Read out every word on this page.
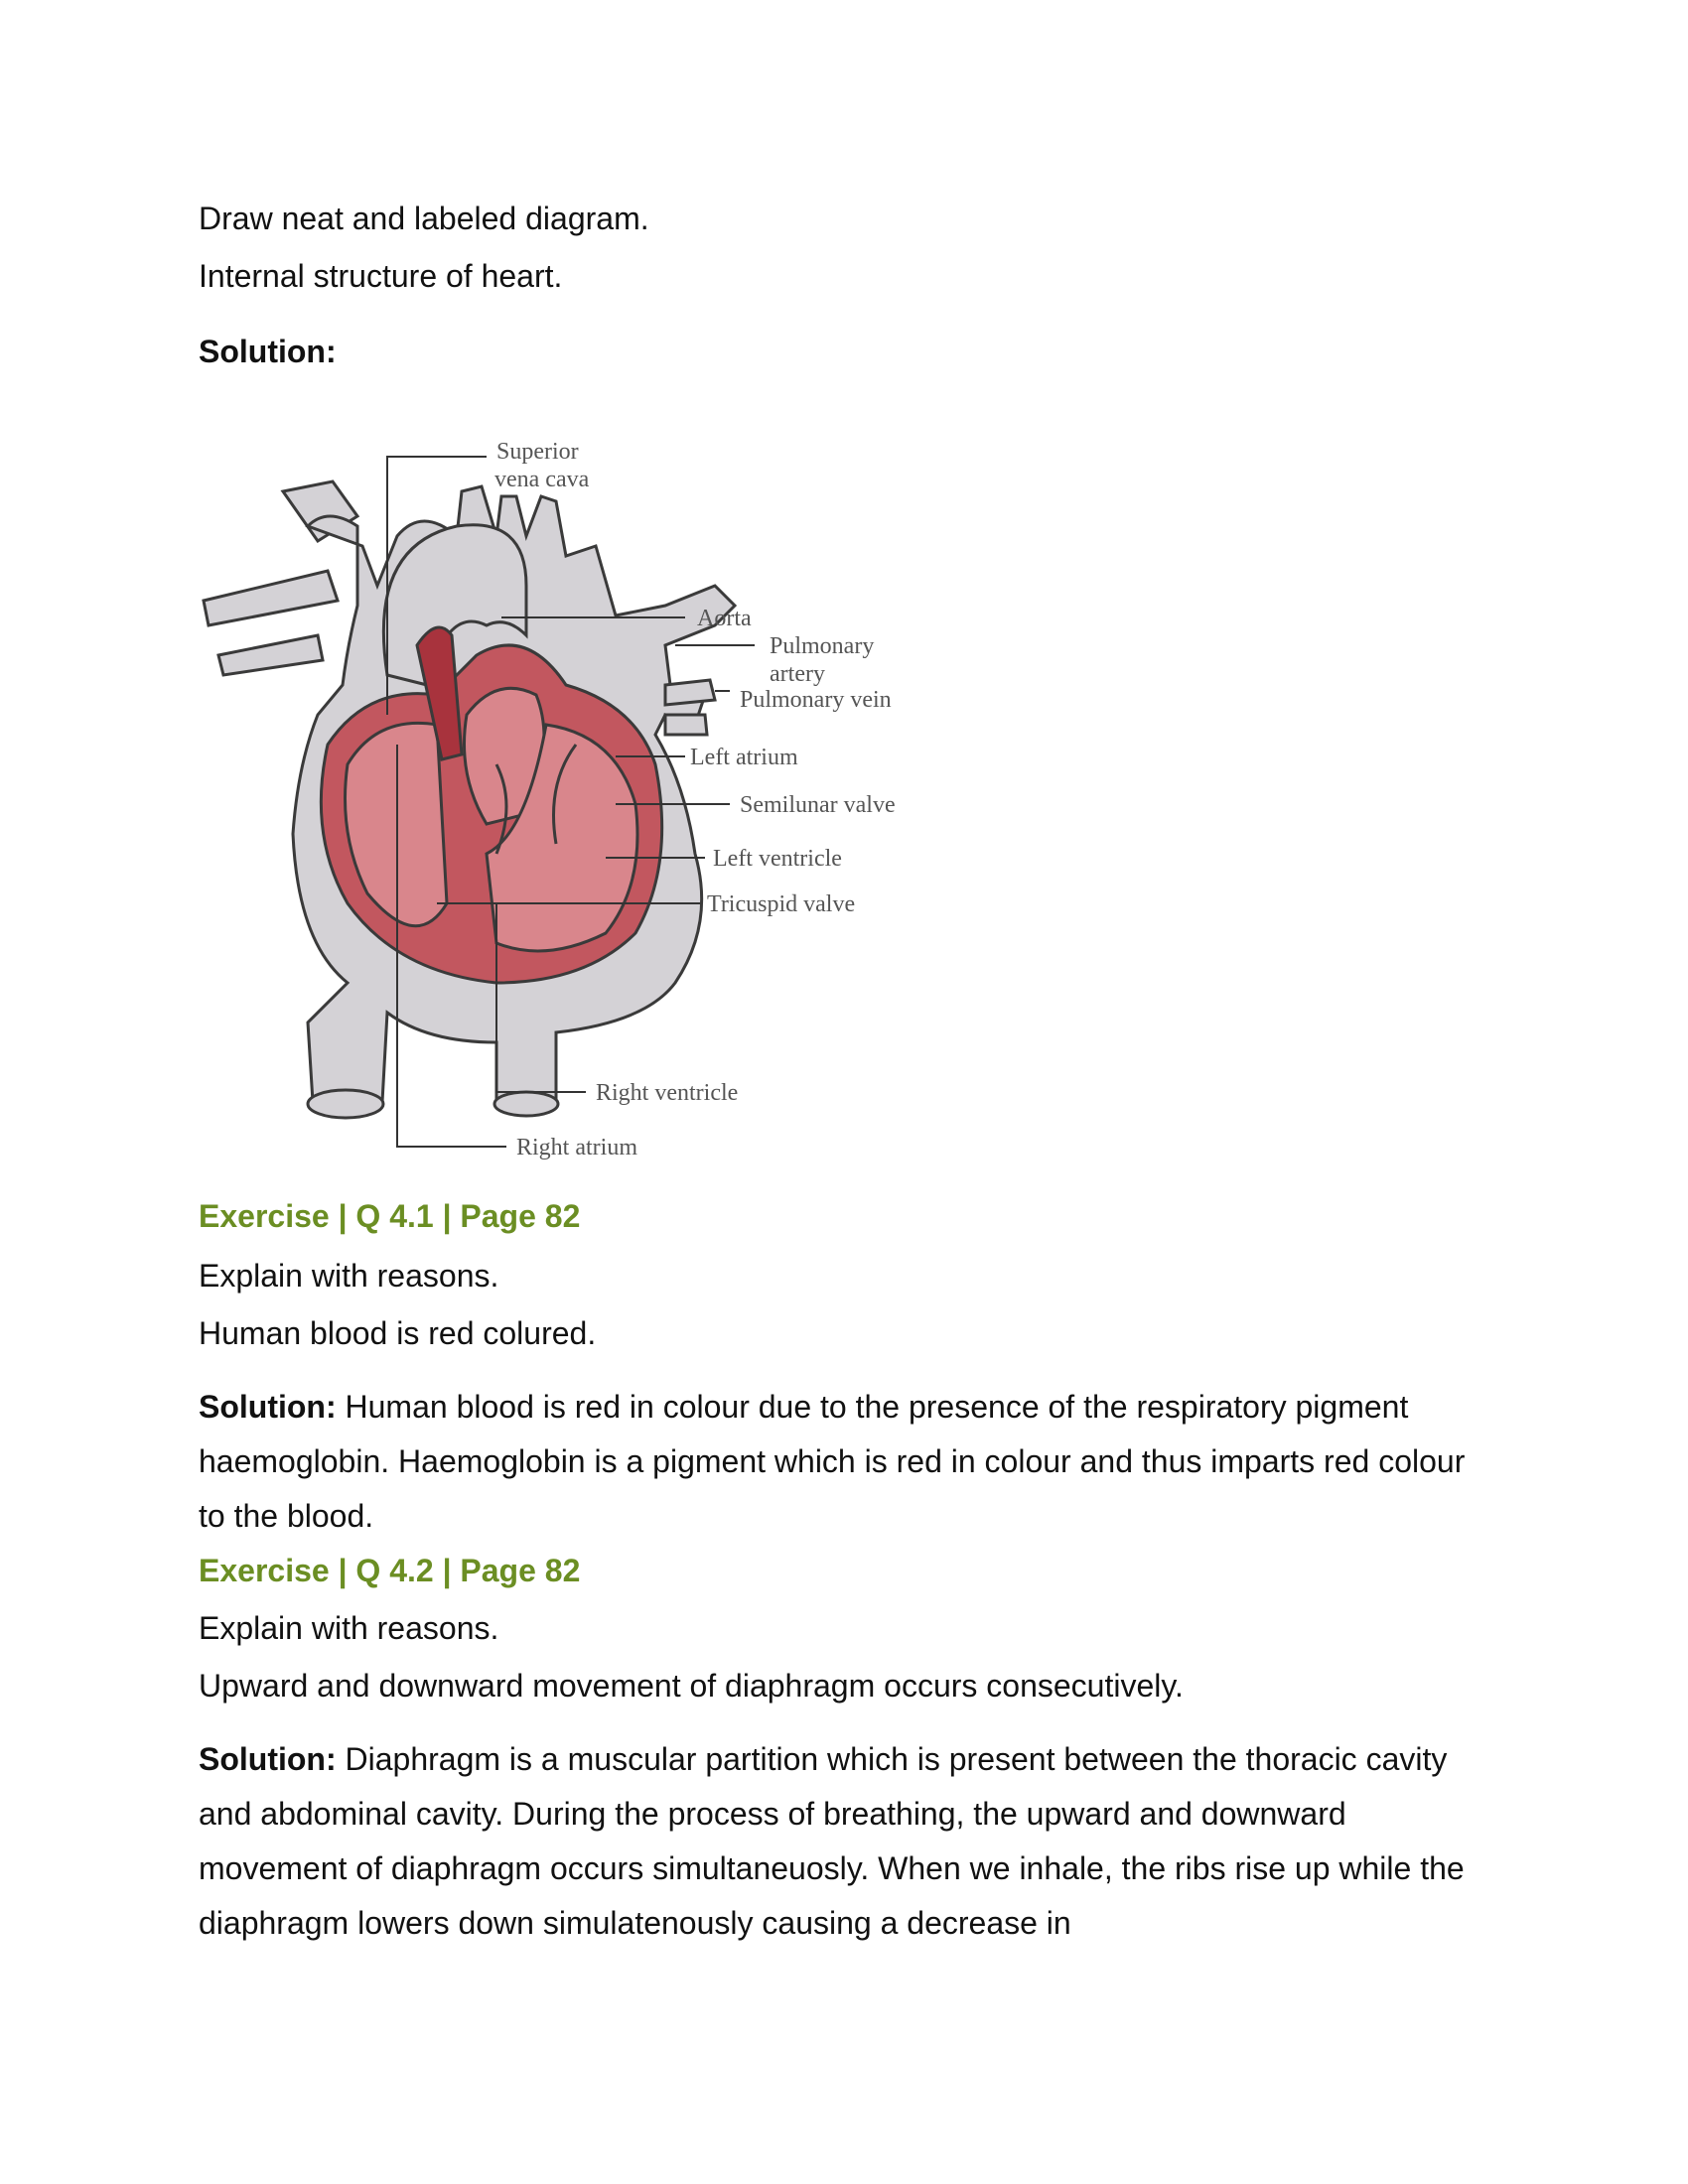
Draw neat and labeled diagram.
Internal structure of heart.
Solution:
Superior
vena cava
Aorta
Pulmonary
artery
Pulmonary vein
Left atrium
Semilunar valve
Left ventricle
Tricuspid valve
Right ventricle
Right atrium
Exercise | Q 4.1 | Page 82
Explain with reasons.
Human blood is red colured.
Solution: Human blood is red in colour due to the presence of the respiratory pigment haemoglobin. Haemoglobin is a pigment which is red in colour and thus imparts red colour to the blood.
Exercise | Q 4.2 | Page 82
Explain with reasons.
Upward and downward movement of diaphragm occurs consecutively.
Solution: Diaphragm is a muscular partition which is present between the thoracic cavity and abdominal cavity. During the process of breathing, the upward and downward movement of diaphragm occurs simultaneuosly. When we inhale, the ribs rise up while the diaphragm lowers down simulatenously causing a decrease in
